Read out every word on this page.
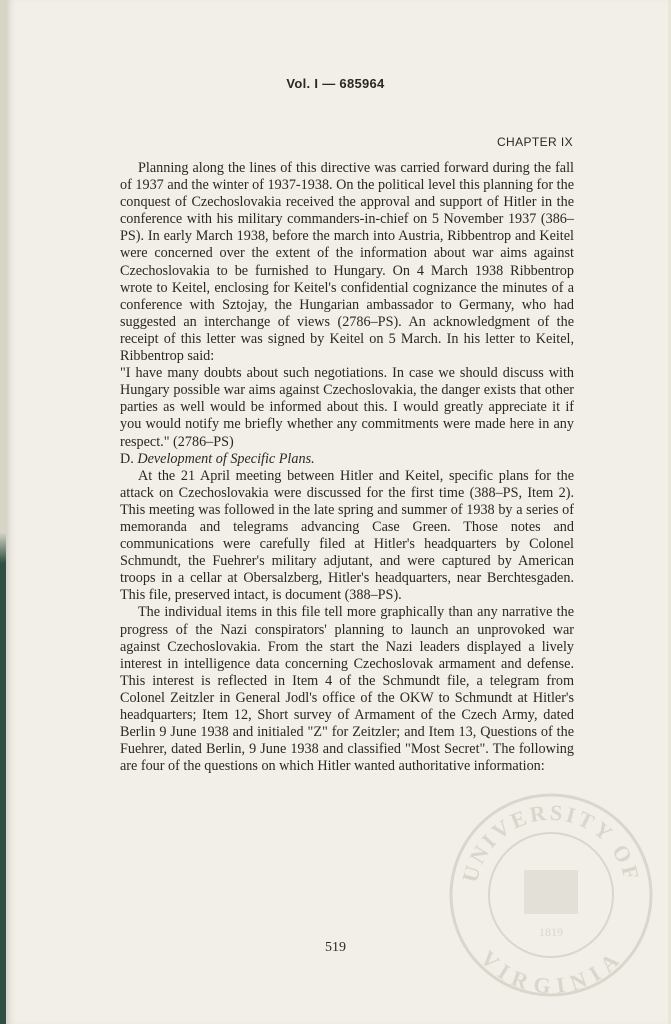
Vol. I — 685964
CHAPTER IX

Planning along the lines of this directive was carried forward during the fall of 1937 and the winter of 1937-1938. On the political level this planning for the conquest of Czechoslovakia received the approval and support of Hitler in the conference with his military commanders-in-chief on 5 November 1937 (386–PS). In early March 1938, before the march into Austria, Ribbentrop and Keitel were concerned over the extent of the information about war aims against Czechoslovakia to be furnished to Hungary. On 4 March 1938 Ribbentrop wrote to Keitel, enclosing for Keitel's confidential cognizance the minutes of a conference with Sztojay, the Hungarian ambassador to Germany, who had suggested an interchange of views (2786–PS). An acknowledgment of the receipt of this letter was signed by Keitel on 5 March. In his letter to Keitel, Ribbentrop said:

"I have many doubts about such negotiations. In case we should discuss with Hungary possible war aims against Czechoslovakia, the danger exists that other parties as well would be informed about this. I would greatly appreciate it if you would notify me briefly whether any commitments were made here in any respect." (2786–PS)

D. Development of Specific Plans.

At the 21 April meeting between Hitler and Keitel, specific plans for the attack on Czechoslovakia were discussed for the first time (388–PS, Item 2). This meeting was followed in the late spring and summer of 1938 by a series of memoranda and telegrams advancing Case Green. Those notes and communications were carefully filed at Hitler's headquarters by Colonel Schmundt, the Fuehrer's military adjutant, and were captured by American troops in a cellar at Obersalzberg, Hitler's headquarters, near Berchtesgaden. This file, preserved intact, is document (388–PS).

The individual items in this file tell more graphically than any narrative the progress of the Nazi conspirators' planning to launch an unprovoked war against Czechoslovakia. From the start the Nazi leaders displayed a lively interest in intelligence data concerning Czechoslovak armament and defense. This interest is reflected in Item 4 of the Schmundt file, a telegram from Colonel Zeitzler in General Jodl's office of the OKW to Schmundt at Hitler's headquarters; Item 12, Short survey of Armament of the Czech Army, dated Berlin 9 June 1938 and initialed "Z" for Zeitzler; and Item 13, Questions of the Fuehrer, dated Berlin, 9 June 1938 and classified "Most Secret". The following are four of the questions on which Hitler wanted authoritative information:

519
UNIVERSITY OF
VIRGINIA
1819
